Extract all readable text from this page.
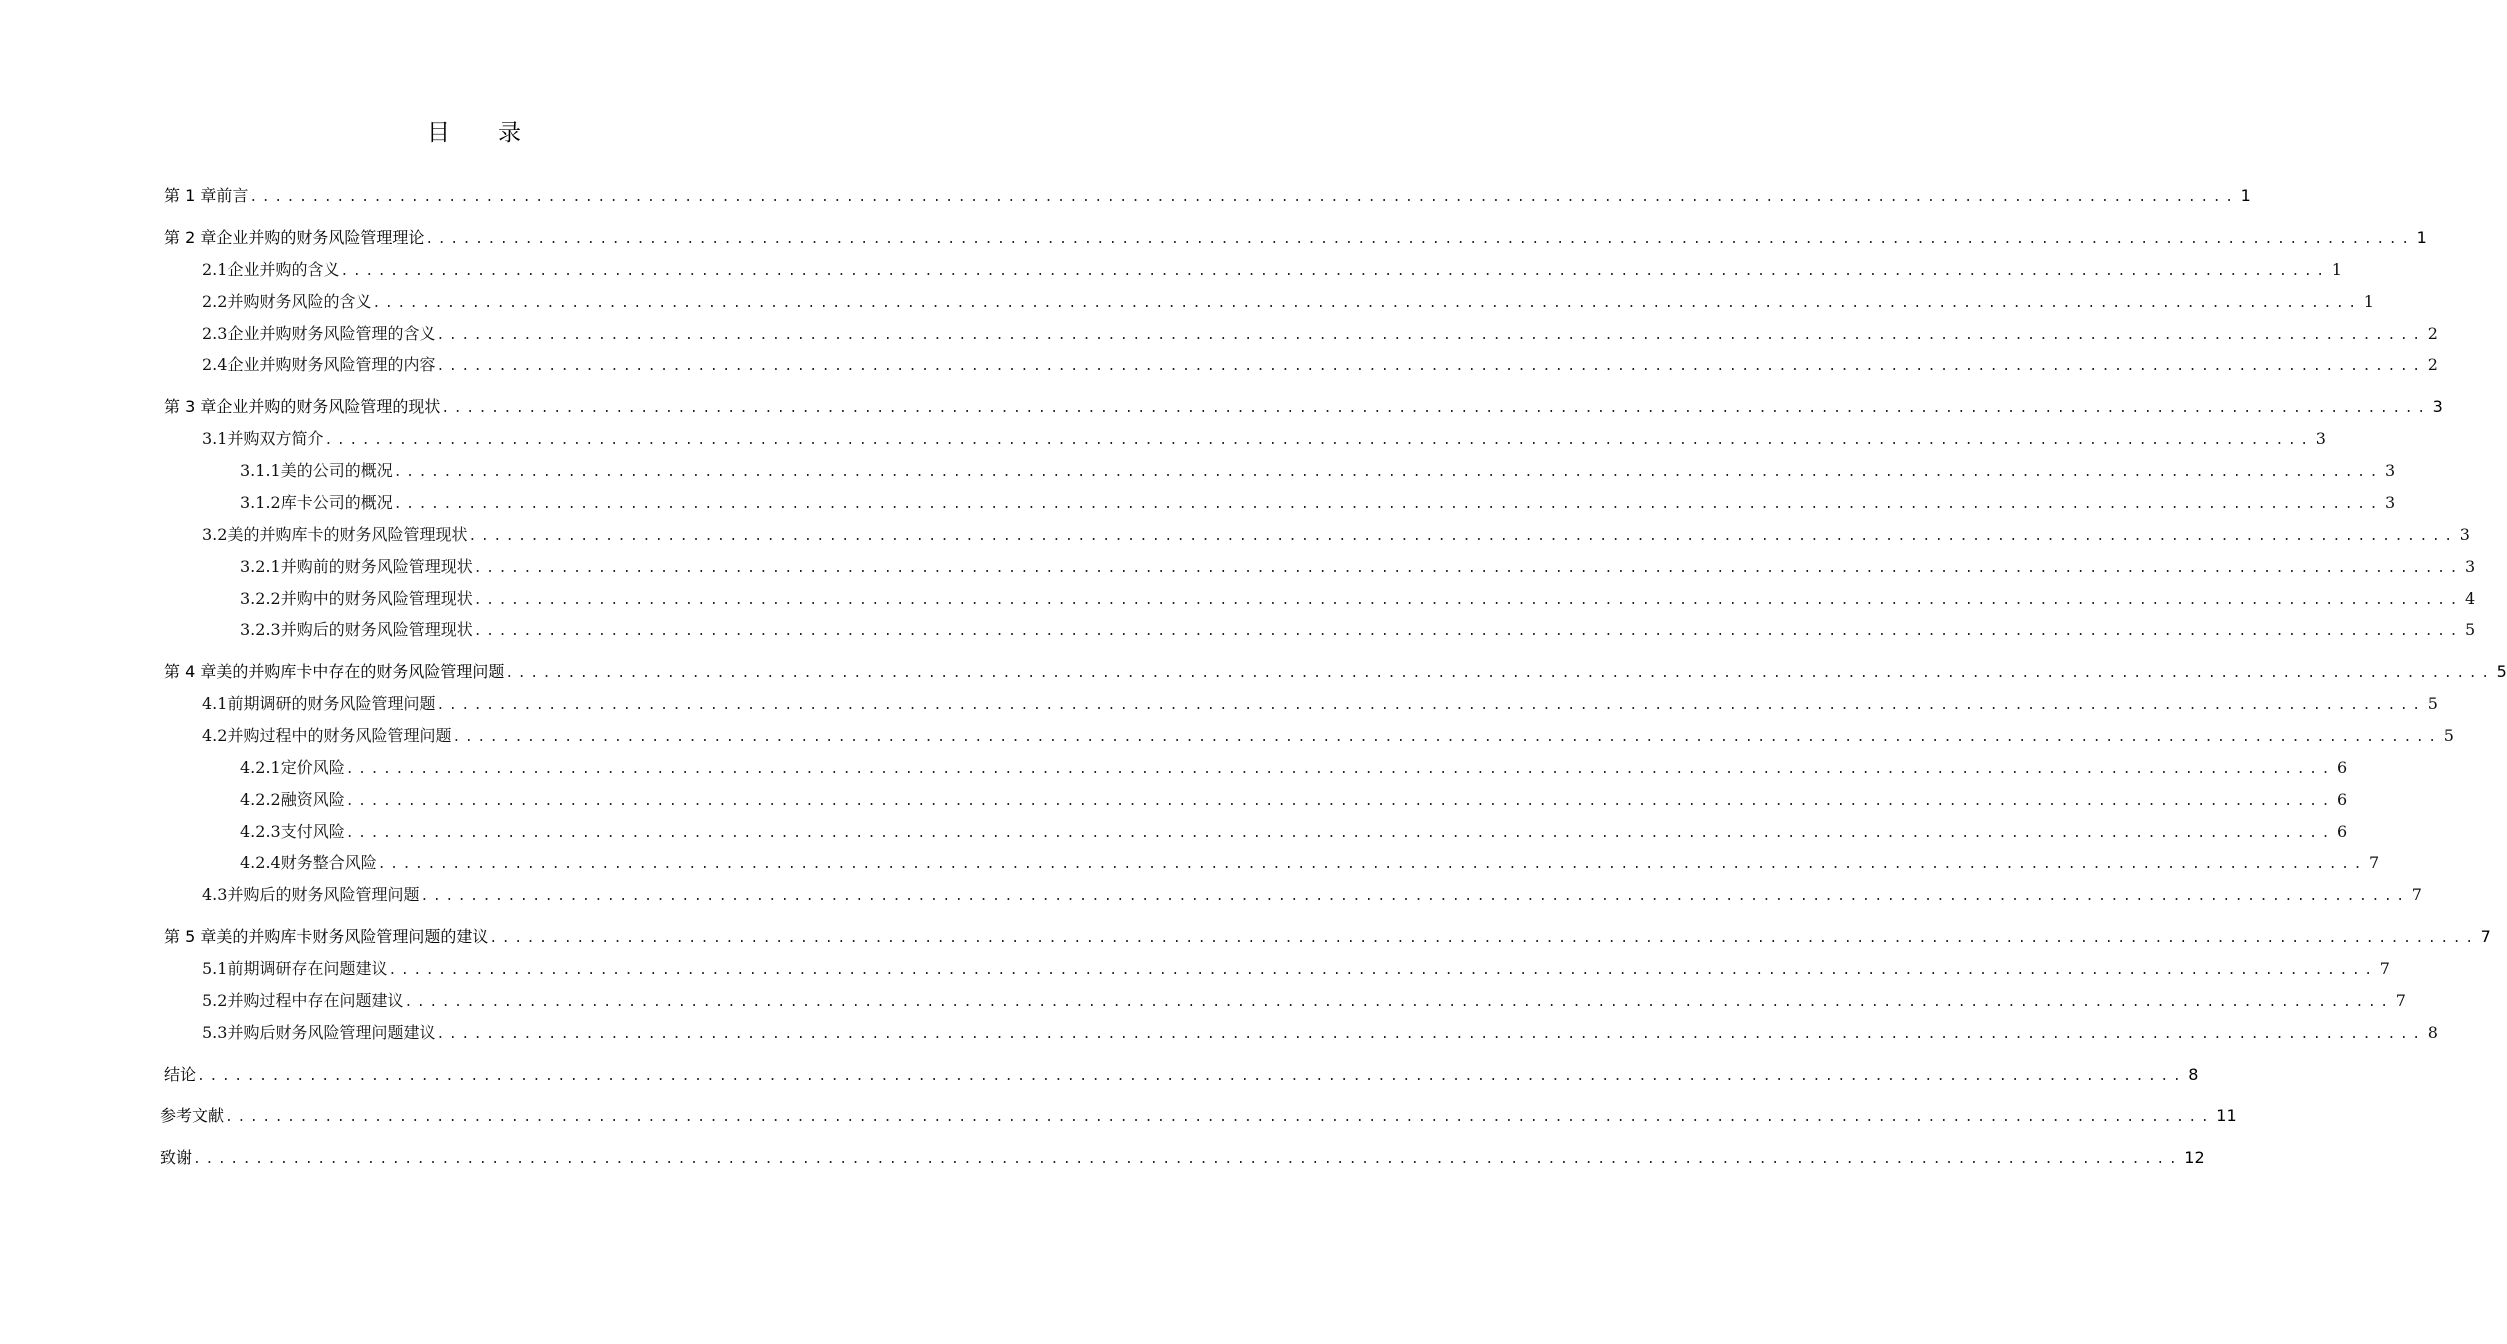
目 录
第 1 章 前言 ................................................................................................................................................................ 1
第 2 章 企业并购的财务风险管理理论 ................................................................................................................................................................ 1
2.1 企业并购的含义 ................................................................................................................................................................ 1
2.2 并购财务风险的含义 ................................................................................................................................................................ 1
2.3 企业并购财务风险管理的含义 ................................................................................................................................................................ 2
2.4 企业并购财务风险管理的内容 ................................................................................................................................................................ 2
第 3 章 企业并购的财务风险管理的现状 ................................................................................................................................................................ 3
3.1 并购双方简介 ................................................................................................................................................................ 3
3.1.1 美的公司的概况 ................................................................................................................................................................ 3
3.1.2 库卡公司的概况 ................................................................................................................................................................ 3
3.2 美的并购库卡的财务风险管理现状 ................................................................................................................................................................ 3
3.2.1 并购前的财务风险管理现状 ................................................................................................................................................................ 3
3.2.2 并购中的财务风险管理现状 ................................................................................................................................................................ 4
3.2.3 并购后的财务风险管理现状 ................................................................................................................................................................ 5
第 4 章 美的并购库卡中存在的财务风险管理问题 ................................................................................................................................................................ 5
4.1 前期调研的财务风险管理问题 ................................................................................................................................................................ 5
4.2 并购过程中的财务风险管理问题 ................................................................................................................................................................ 5
4.2.1 定价风险 ................................................................................................................................................................ 6
4.2.2 融资风险 ................................................................................................................................................................ 6
4.2.3 支付风险 ................................................................................................................................................................ 6
4.2.4 财务整合风险 ................................................................................................................................................................ 7
4.3 并购后的财务风险管理问题 ................................................................................................................................................................ 7
第 5 章 美的并购库卡财务风险管理问题的建议 ................................................................................................................................................................ 7
5.1 前期调研存在问题建议 ................................................................................................................................................................ 7
5.2 并购过程中存在问题建议 ................................................................................................................................................................ 7
5.3 并购后财务风险管理问题建议 ................................................................................................................................................................ 8
结论 ................................................................................................................................................................ 8
参考文献 ................................................................................................................................................................ 11
致谢 ................................................................................................................................................................ 12
